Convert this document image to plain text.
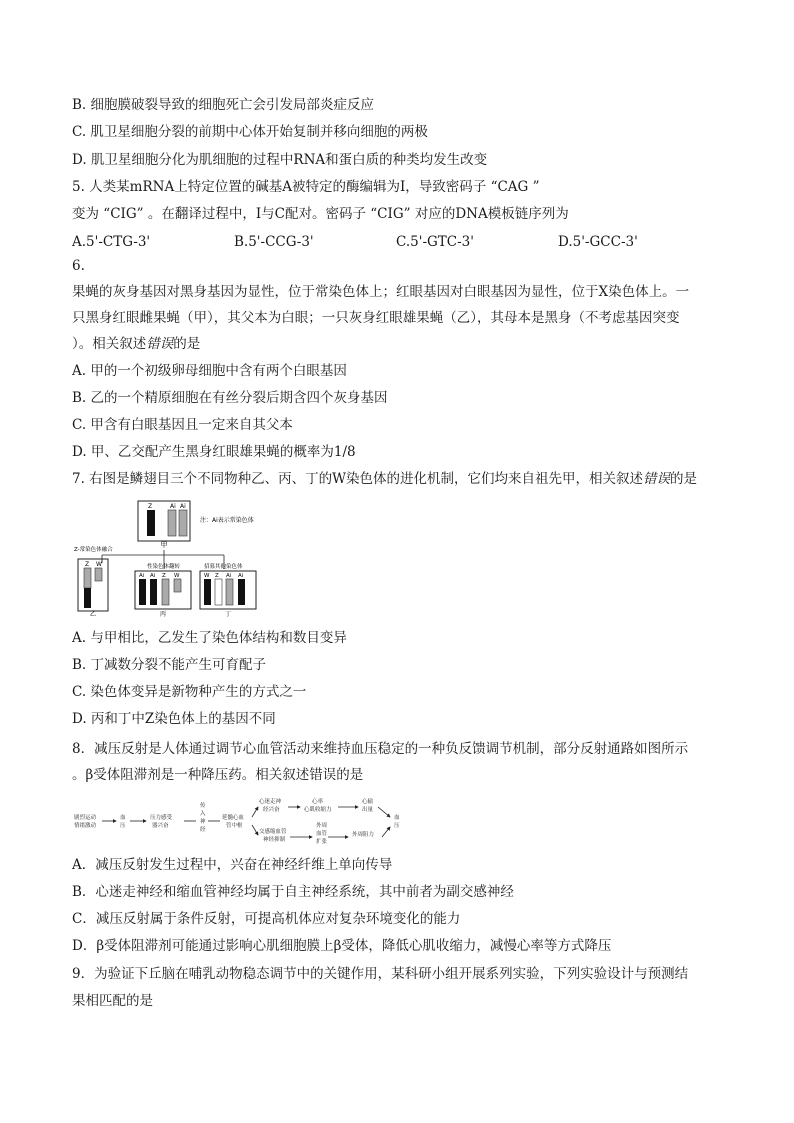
B. 细胞膜破裂导致的细胞死亡会引发局部炎症反应
C. 肌卫星细胞分裂的前期中心体开始复制并移向细胞的两极
D. 肌卫星细胞分化为肌细胞的过程中RNA和蛋白质的种类均发生改变
5. 人类某mRNA上特定位置的碱基A被特定的酶编辑为I，导致密码子 “CAG ”
变为 “CIG” 。在翻译过程中，I与C配对。密码子 “CIG” 对应的DNA模板链序列为
A.5'-CTG-3'	B.5'-CCG-3'	C.5'-GTC-3'	D.5'-GCC-3'
6.
果蝇的灰身基因对黑身基因为显性，位于常染色体上；红眼基因对白眼基因为显性，位于X染色体上。一
只黑身红眼雌果蝇（甲），其父本为白眼；一只灰身红眼雄果蝇（乙），其母本是黑身（不考虑基因突变
）。相关叙述错误的是
A. 甲的一个初级卵母细胞中含有两个白眼基因
B. 乙的一个精原细胞在有丝分裂后期含四个灰身基因
C. 甲含有白眼基因且一定来自其父本
D. 甲、乙交配产生黑身红眼雄果蝇的概率为1/8
7. 右图是鳞翅目三个不同物种乙、丙、丁的W染色体的进化机制，它们均来自祖先甲，相关叙述错误的是
Z	Ai Ai
甲
注：Ai表示常染色体
Z-常染色体融合
性染色体翻转	招募其他染色体
Z W
乙
Ai Ai Z W
丙
W Z Ai Ai
丁
A. 与甲相比，乙发生了染色体结构和数目变异
B. 丁减数分裂不能产生可育配子
C. 染色体变异是新物种产生的方式之一
D. 丙和丁中Z染色体上的基因不同
8．减压反射是人体通过调节心血管活动来维持血压稳定的一种负反馈调节机制，部分反射通路如图所示
。β受体阻滞剂是一种降压药。相关叙述错误的是
剧烈运动
情绪激动
血
压
压力感受
器兴奋
传
入
神
经
延髓心血
管中枢
心迷走神
经兴奋
心率
心肌收缩力
心输
出量
交感缩血管
神经抑制
外周
血管
扩张
外周阻力
血
压
A．减压反射发生过程中，兴奋在神经纤维上单向传导
B．心迷走神经和缩血管神经均属于自主神经系统，其中前者为副交感神经
C．减压反射属于条件反射，可提高机体应对复杂环境变化的能力
D．β受体阻滞剂可能通过影响心肌细胞膜上β受体，降低心肌收缩力，减慢心率等方式降压
9．为验证下丘脑在哺乳动物稳态调节中的关键作用，某科研小组开展系列实验，下列实验设计与预测结
果相匹配的是
